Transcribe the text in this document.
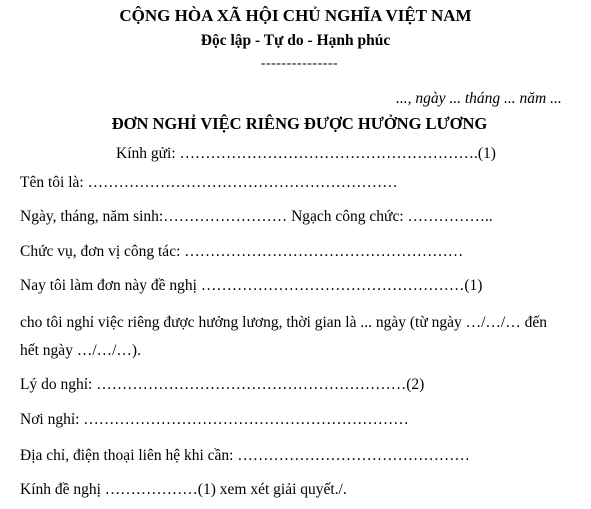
CỘNG HÒA XÃ HỘI CHỦ NGHĨA VIỆT NAM
Độc lập - Tự do - Hạnh phúc
---------------
..., ngày ... tháng ... năm ...
ĐƠN NGHỈ VIỆC RIÊNG ĐƯỢC HƯỞNG LƯƠNG
Kính gửi: ………………………………………………….(1)
Tên tôi là: ……………………………………………………
Ngày, tháng, năm sinh:…………………… Ngạch công chức: ……………..
Chức vụ, đơn vị công tác: ………………………………………………
Nay tôi làm đơn này đề nghị ……………………………………………(1)
cho tôi nghỉ việc riêng được hưởng lương, thời gian là ... ngày (từ ngày …/…/… đến
hết ngày …/…/…).
Lý do nghỉ: ……………………………………………………(2)
Nơi nghỉ: ………………………………………………………
Địa chỉ, điện thoại liên hệ khi cần: ………………………………………
Kính đề nghị ………………(1) xem xét giải quyết./.
